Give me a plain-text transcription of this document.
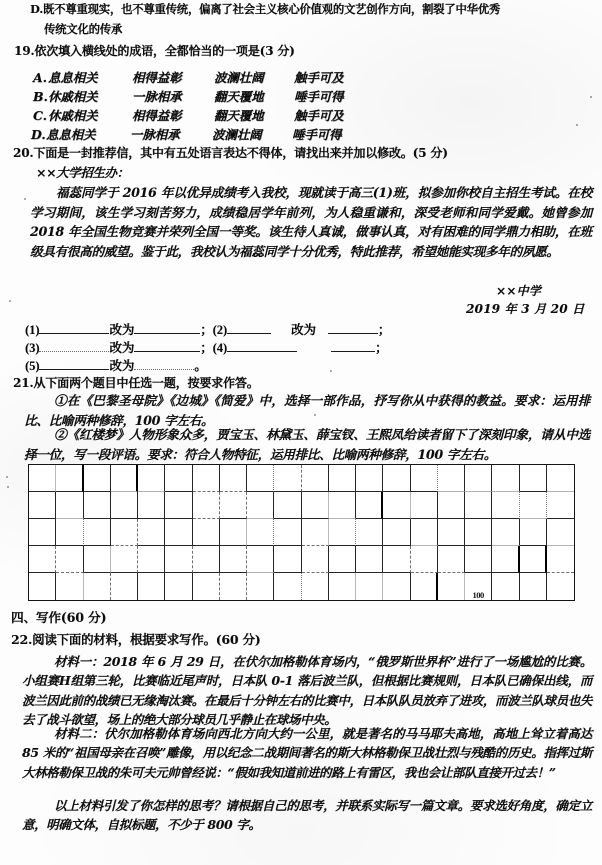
D.既不尊重现实，也不尊重传统，偏离了社会主义核心价值观的文艺创作方向，割裂了中华优秀
传统文化的传承
19.依次填入横线处的成语，全都恰当的一项是(3 分)
A.息息相关	相得益彰	波澜壮阔 触手可及
B.休戚相关	一脉相承	翻天覆地 唾手可得
C.休戚相关	相得益彰	翻天覆地 触手可及
D.息息相关	一脉相承	波澜壮阔 唾手可得
20.下面是一封推荐信，其中有五处语言表达不得体，请找出来并加以修改。(5 分)
××大学招生办：
福蕊同学于 2016 年以优异成绩考入我校，现就读于高三(1)班，拟参加你校自主招生考试。在校学习期间，该生学习刻苦努力，成绩稳居学年前列，为人稳重谦和，深受老师和同学爱戴。她曾参加 2018 年全国生物竞赛并荣列全国一等奖。该生待人真诚，做事认真，对有困难的同学鼎力相助，在班级具有很高的威望。鉴于此，我校认为福蕊同学十分优秀，特此推荐，希望她能实现多年的夙愿。
××中学
2019 年 3 月 20 日
(1)	改为	；(2)	改为	；
(3)	改为	；(4)	；
(5)	改为	。
21.从下面两个题目中任选一题，按要求作答。
①在《巴黎圣母院》《边城》《简爱》中，选择一部作品，抒写你从中获得的教益。要求：运用排比、比喻两种修辞，100 字左右。
②《红楼梦》人物形象众多，贾宝玉、林黛玉、薛宝钗、王熙凤给读者留下了深刻印象，请从中选择一位，写一段评语。要求：符合人物特征，运用排比、比喻两种修辞，100 字左右。
100
四、写作(60 分)
22.阅读下面的材料，根据要求写作。(60 分)
材料一：2018 年 6 月 29 日，在伏尔加格勒体育场内，“俄罗斯世界杯”进行了一场尴尬的比赛。小组赛H组第三轮，比赛临近尾声时，日本队 0-1 落后波兰队，但根据比赛规则，日本队已确保出线，而波兰因此前的战绩已无缘淘汰赛。在最后十分钟左右的比赛中，日本队队员放弃了进攻，而波兰队球员也失去了战斗欲望，场上的绝大部分球员几乎静止在球场中央。
材料二：伏尔加格勒体育场向西北方向大约一公里，就是著名的马马耶夫高地，高地上耸立着高达 85 米的“祖国母亲在召唤”雕像，用以纪念二战期间著名的斯大林格勒保卫战壮烈与残酷的历史。指挥过斯大林格勒保卫战的朱可夫元帅曾经说：“假如我知道前进的路上有雷区，我也会让部队直接开过去！”
以上材料引发了你怎样的思考？请根据自己的思考，并联系实际写一篇文章。要求选好角度，确定立意，明确文体，自拟标题，不少于 800 字。
